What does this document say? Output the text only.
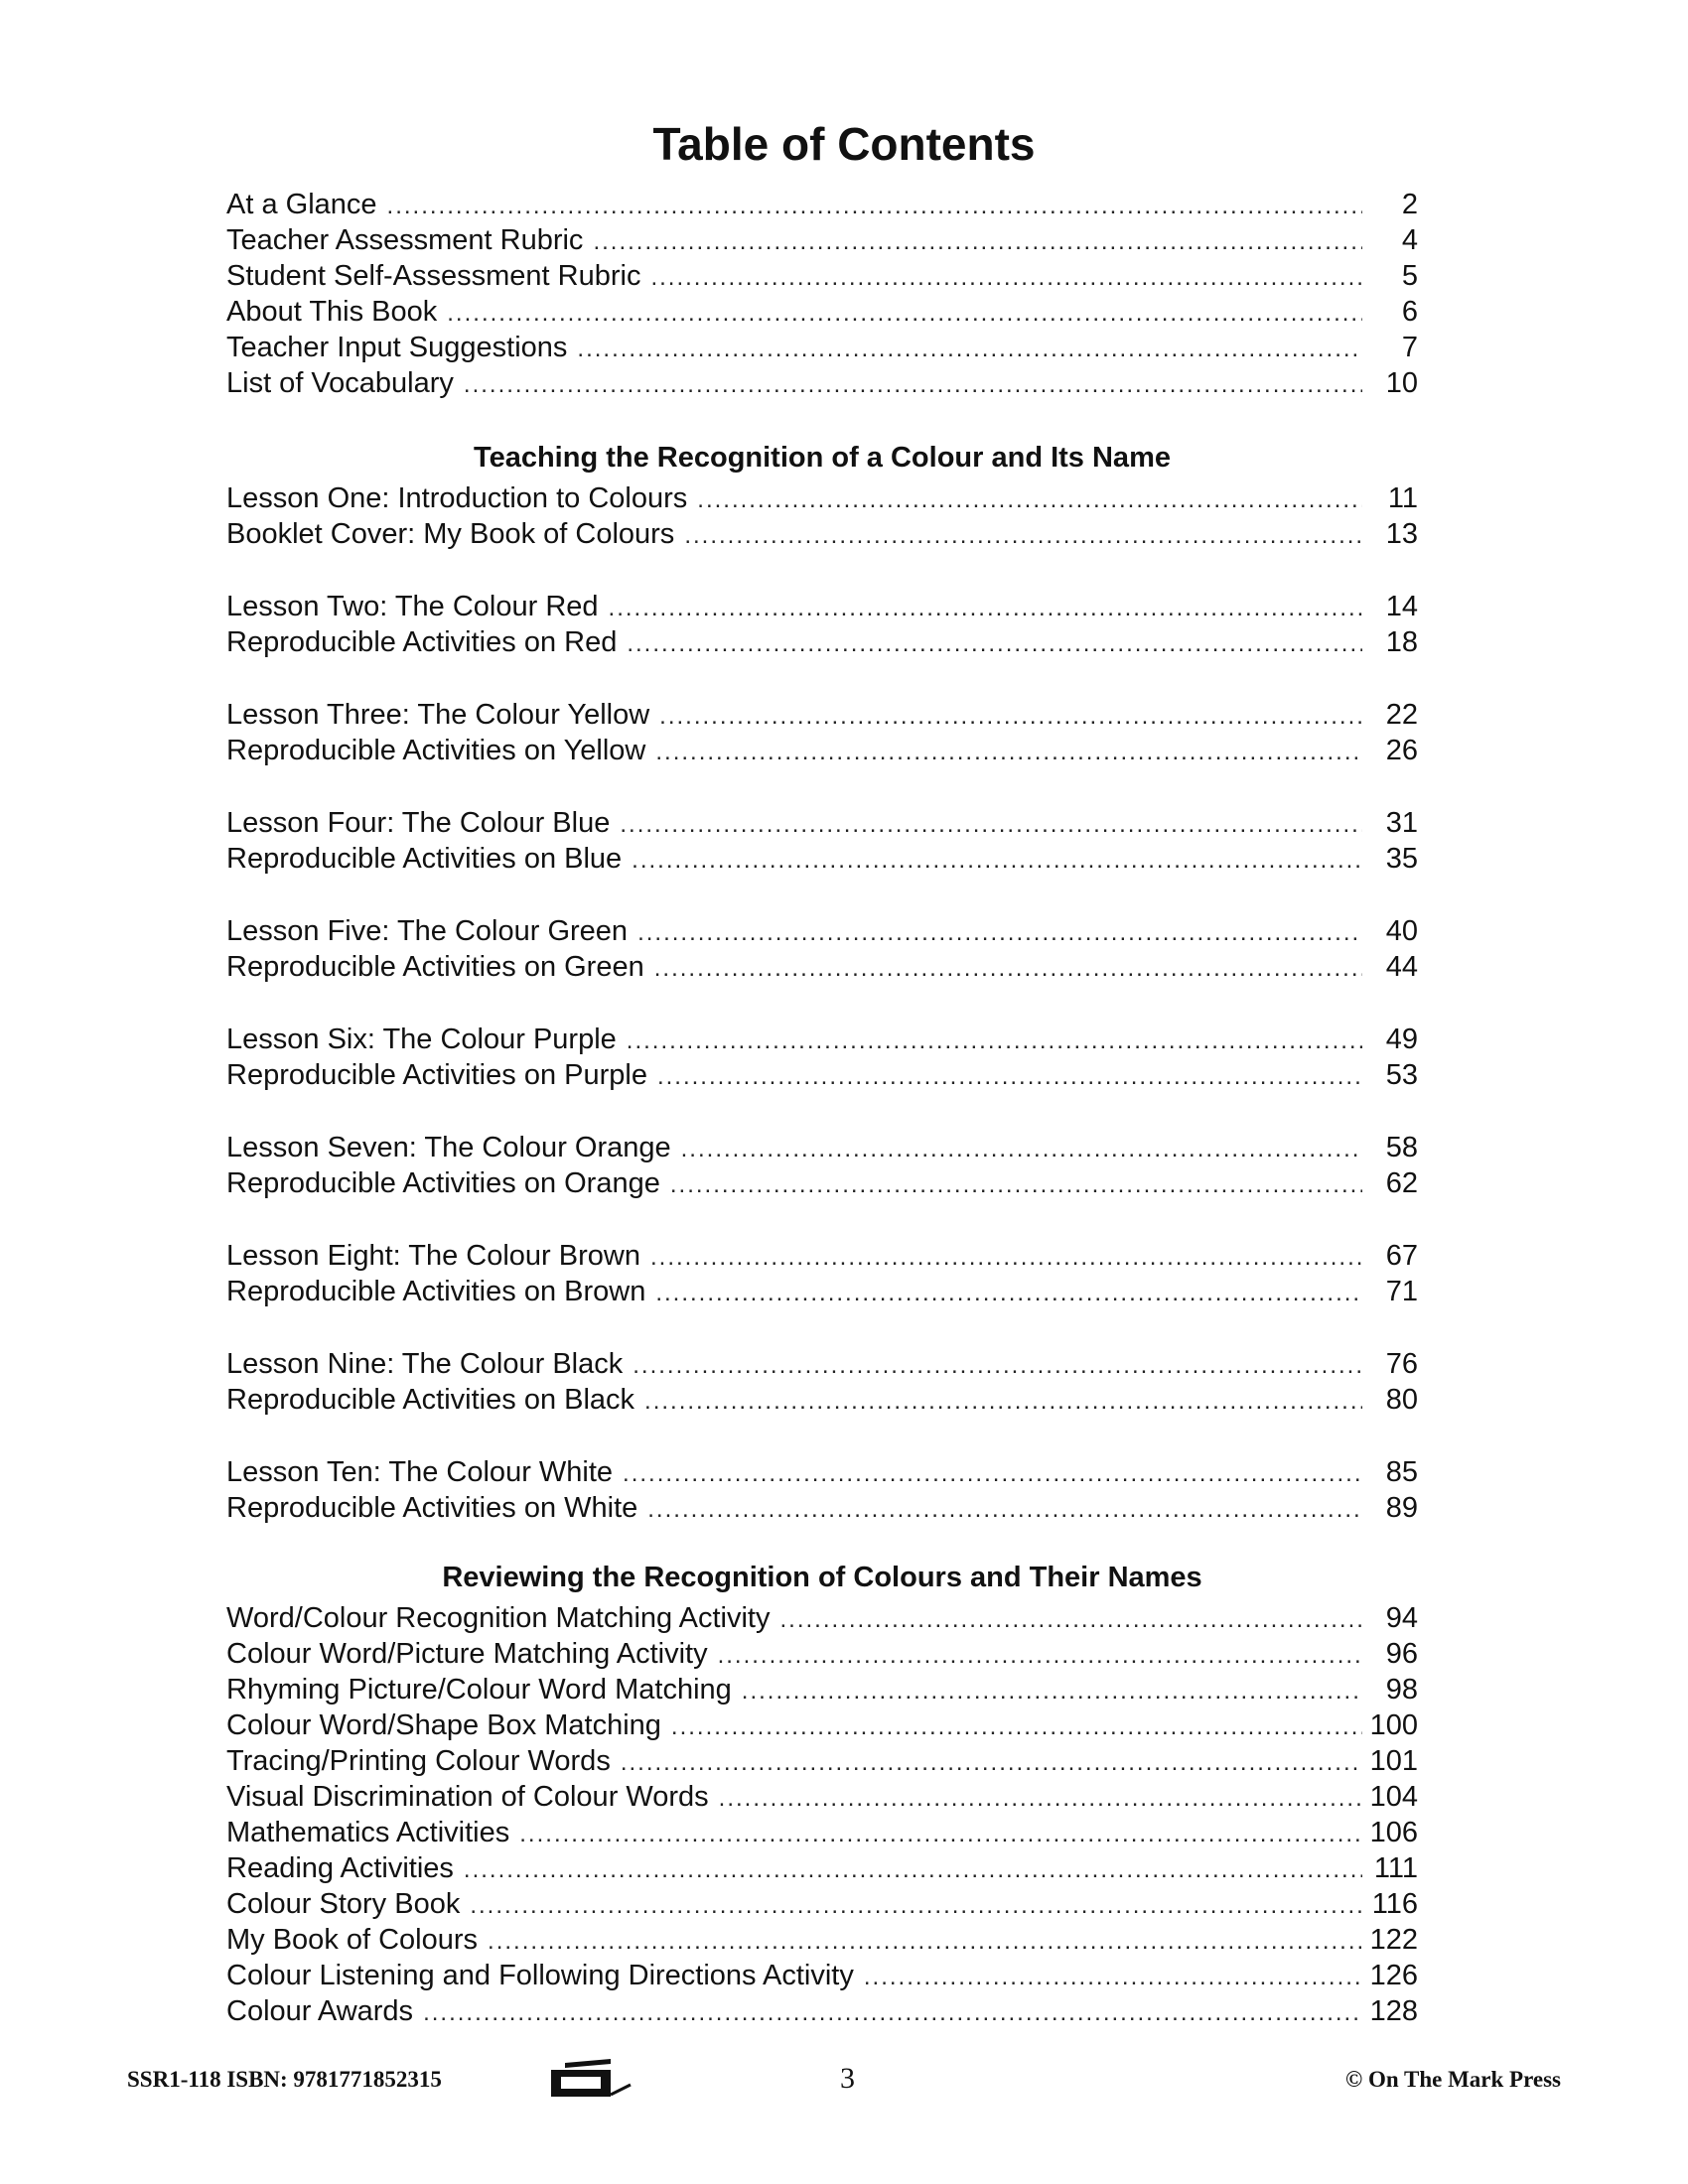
Table of Contents
At a Glance .....	2
Teacher Assessment Rubric .....	4
Student Self-Assessment Rubric .....	5
About This Book .....	6
Teacher Input Suggestions .....	7
List of Vocabulary .....	10
Teaching the Recognition of a Colour and Its Name
Lesson One: Introduction to Colours .....	11
Booklet Cover: My Book of Colours .....	13
Lesson Two: The Colour Red .....	14
Reproducible Activities on Red .....	18
Lesson Three: The Colour Yellow .....	22
Reproducible Activities on Yellow .....	26
Lesson Four: The Colour Blue .....	31
Reproducible Activities on Blue .....	35
Lesson Five: The Colour Green .....	40
Reproducible Activities on Green .....	44
Lesson Six: The Colour Purple .....	49
Reproducible Activities on Purple .....	53
Lesson Seven: The Colour Orange .....	58
Reproducible Activities on Orange .....	62
Lesson Eight: The Colour Brown .....	67
Reproducible Activities on Brown .....	71
Lesson Nine: The Colour Black .....	76
Reproducible Activities on Black .....	80
Lesson Ten: The Colour White .....	85
Reproducible Activities on White .....	89
Reviewing the Recognition of Colours and Their Names
Word/Colour Recognition Matching Activity .....	94
Colour Word/Picture Matching Activity .....	96
Rhyming Picture/Colour Word Matching .....	98
Colour Word/Shape Box Matching .....	100
Tracing/Printing Colour Words .....	101
Visual Discrimination of Colour Words .....	104
Mathematics Activities .....	106
Reading Activities .....	111
Colour Story Book .....	116
My Book of Colours .....	122
Colour Listening and Following Directions Activity .....	126
Colour Awards .....	128
SSR1-118 ISBN: 9781771852315	3	© On The Mark Press
